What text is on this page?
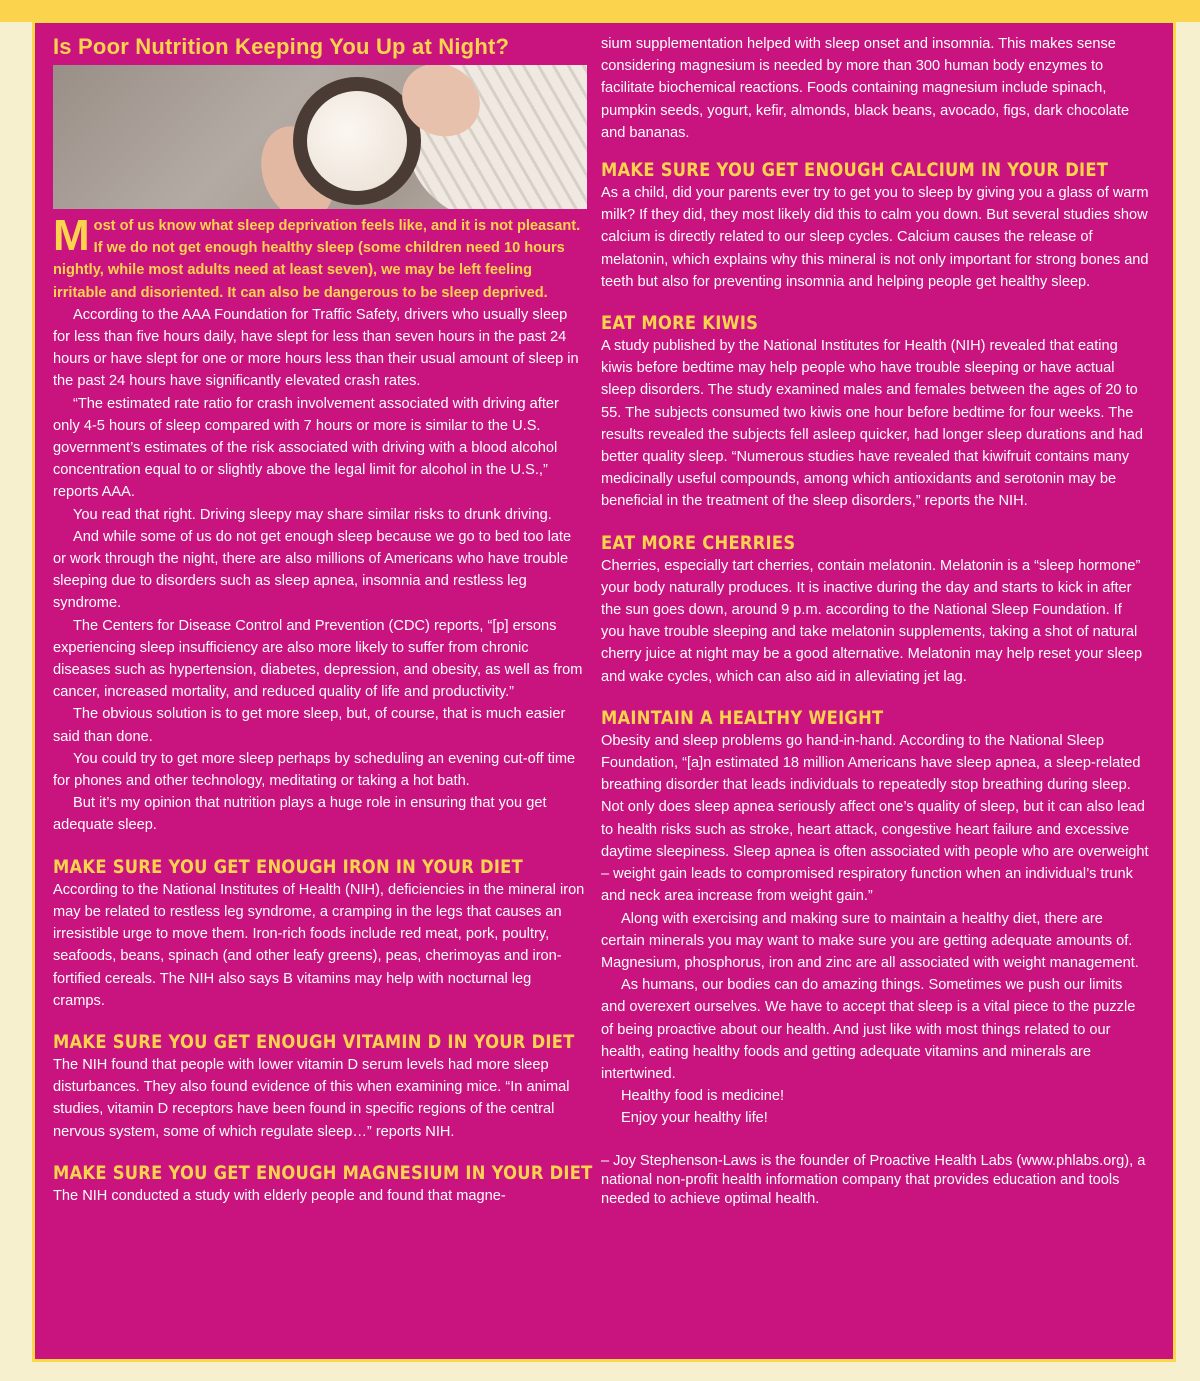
Is Poor Nutrition Keeping You Up at Night?

Most of us know what sleep deprivation feels like, and it is not pleasant. If we do not get enough healthy sleep (some children need 10 hours nightly, while most adults need at least seven), we may be left feeling irritable and disoriented. It can also be dangerous to be sleep deprived.

According to the AAA Foundation for Traffic Safety, drivers who usually sleep for less than five hours daily, have slept for less than seven hours in the past 24 hours or have slept for one or more hours less than their usual amount of sleep in the past 24 hours have significantly elevated crash rates.

“The estimated rate ratio for crash involvement associated with driving after only 4-5 hours of sleep compared with 7 hours or more is similar to the U.S. government’s estimates of the risk associated with driving with a blood alcohol concentration equal to or slightly above the legal limit for alcohol in the U.S.,” reports AAA.

You read that right. Driving sleepy may share similar risks to drunk driving.

And while some of us do not get enough sleep because we go to bed too late or work through the night, there are also millions of Americans who have trouble sleeping due to disorders such as sleep apnea, insomnia and restless leg syndrome.

The Centers for Disease Control and Prevention (CDC) reports, “[p] ersons experiencing sleep insufficiency are also more likely to suffer from chronic diseases such as hypertension, diabetes, depression, and obesity, as well as from cancer, increased mortality, and reduced quality of life and productivity.”

The obvious solution is to get more sleep, but, of course, that is much easier said than done.

You could try to get more sleep perhaps by scheduling an evening cut-off time for phones and other technology, meditating or taking a hot bath.

But it’s my opinion that nutrition plays a huge role in ensuring that you get adequate sleep.

MAKE SURE YOU GET ENOUGH IRON IN YOUR DIET

According to the National Institutes of Health (NIH), deficiencies in the mineral iron may be related to restless leg syndrome, a cramping in the legs that causes an irresistible urge to move them. Iron-rich foods include red meat, pork, poultry, seafoods, beans, spinach (and other leafy greens), peas, cherimoyas and iron-fortified cereals. The NIH also says B vitamins may help with nocturnal leg cramps.

MAKE SURE YOU GET ENOUGH VITAMIN D IN YOUR DIET

The NIH found that people with lower vitamin D serum levels had more sleep disturbances. They also found evidence of this when examining mice. “In animal studies, vitamin D receptors have been found in specific regions of the central nervous system, some of which regulate sleep…” reports NIH.

MAKE SURE YOU GET ENOUGH MAGNESIUM IN YOUR DIET

The NIH conducted a study with elderly people and found that magne-

sium supplementation helped with sleep onset and insomnia. This makes sense considering magnesium is needed by more than 300 human body enzymes to facilitate biochemical reactions. Foods containing magnesium include spinach, pumpkin seeds, yogurt, kefir, almonds, black beans, avocado, figs, dark chocolate and bananas.

MAKE SURE YOU GET ENOUGH CALCIUM IN YOUR DIET

As a child, did your parents ever try to get you to sleep by giving you a glass of warm milk? If they did, they most likely did this to calm you down. But several studies show calcium is directly related to our sleep cycles. Calcium causes the release of melatonin, which explains why this mineral is not only important for strong bones and teeth but also for preventing insomnia and helping people get healthy sleep.

EAT MORE KIWIS

A study published by the National Institutes for Health (NIH) revealed that eating kiwis before bedtime may help people who have trouble sleeping or have actual sleep disorders. The study examined males and females between the ages of 20 to 55. The subjects consumed two kiwis one hour before bedtime for four weeks. The results revealed the subjects fell asleep quicker, had longer sleep durations and had better quality sleep. “Numerous studies have revealed that kiwifruit contains many medicinally useful compounds, among which antioxidants and serotonin may be beneficial in the treatment of the sleep disorders,” reports the NIH.

EAT MORE CHERRIES

Cherries, especially tart cherries, contain melatonin. Melatonin is a “sleep hormone” your body naturally produces. It is inactive during the day and starts to kick in after the sun goes down, around 9 p.m. according to the National Sleep Foundation. If you have trouble sleeping and take melatonin supplements, taking a shot of natural cherry juice at night may be a good alternative. Melatonin may help reset your sleep and wake cycles, which can also aid in alleviating jet lag.

MAINTAIN A HEALTHY WEIGHT

Obesity and sleep problems go hand-in-hand. According to the National Sleep Foundation, “[a]n estimated 18 million Americans have sleep apnea, a sleep-related breathing disorder that leads individuals to repeatedly stop breathing during sleep. Not only does sleep apnea seriously affect one’s quality of sleep, but it can also lead to health risks such as stroke, heart attack, congestive heart failure and excessive daytime sleepiness. Sleep apnea is often associated with people who are overweight – weight gain leads to compromised respiratory function when an individual’s trunk and neck area increase from weight gain.”

Along with exercising and making sure to maintain a healthy diet, there are certain minerals you may want to make sure you are getting adequate amounts of. Magnesium, phosphorus, iron and zinc are all associated with weight management.

As humans, our bodies can do amazing things. Sometimes we push our limits and overexert ourselves. We have to accept that sleep is a vital piece to the puzzle of being proactive about our health. And just like with most things related to our health, eating healthy foods and getting adequate vitamins and minerals are intertwined.

Healthy food is medicine!

Enjoy your healthy life!

– Joy Stephenson-Laws is the founder of Proactive Health Labs (www.phlabs.org), a national non-profit health information company that provides education and tools needed to achieve optimal health.
